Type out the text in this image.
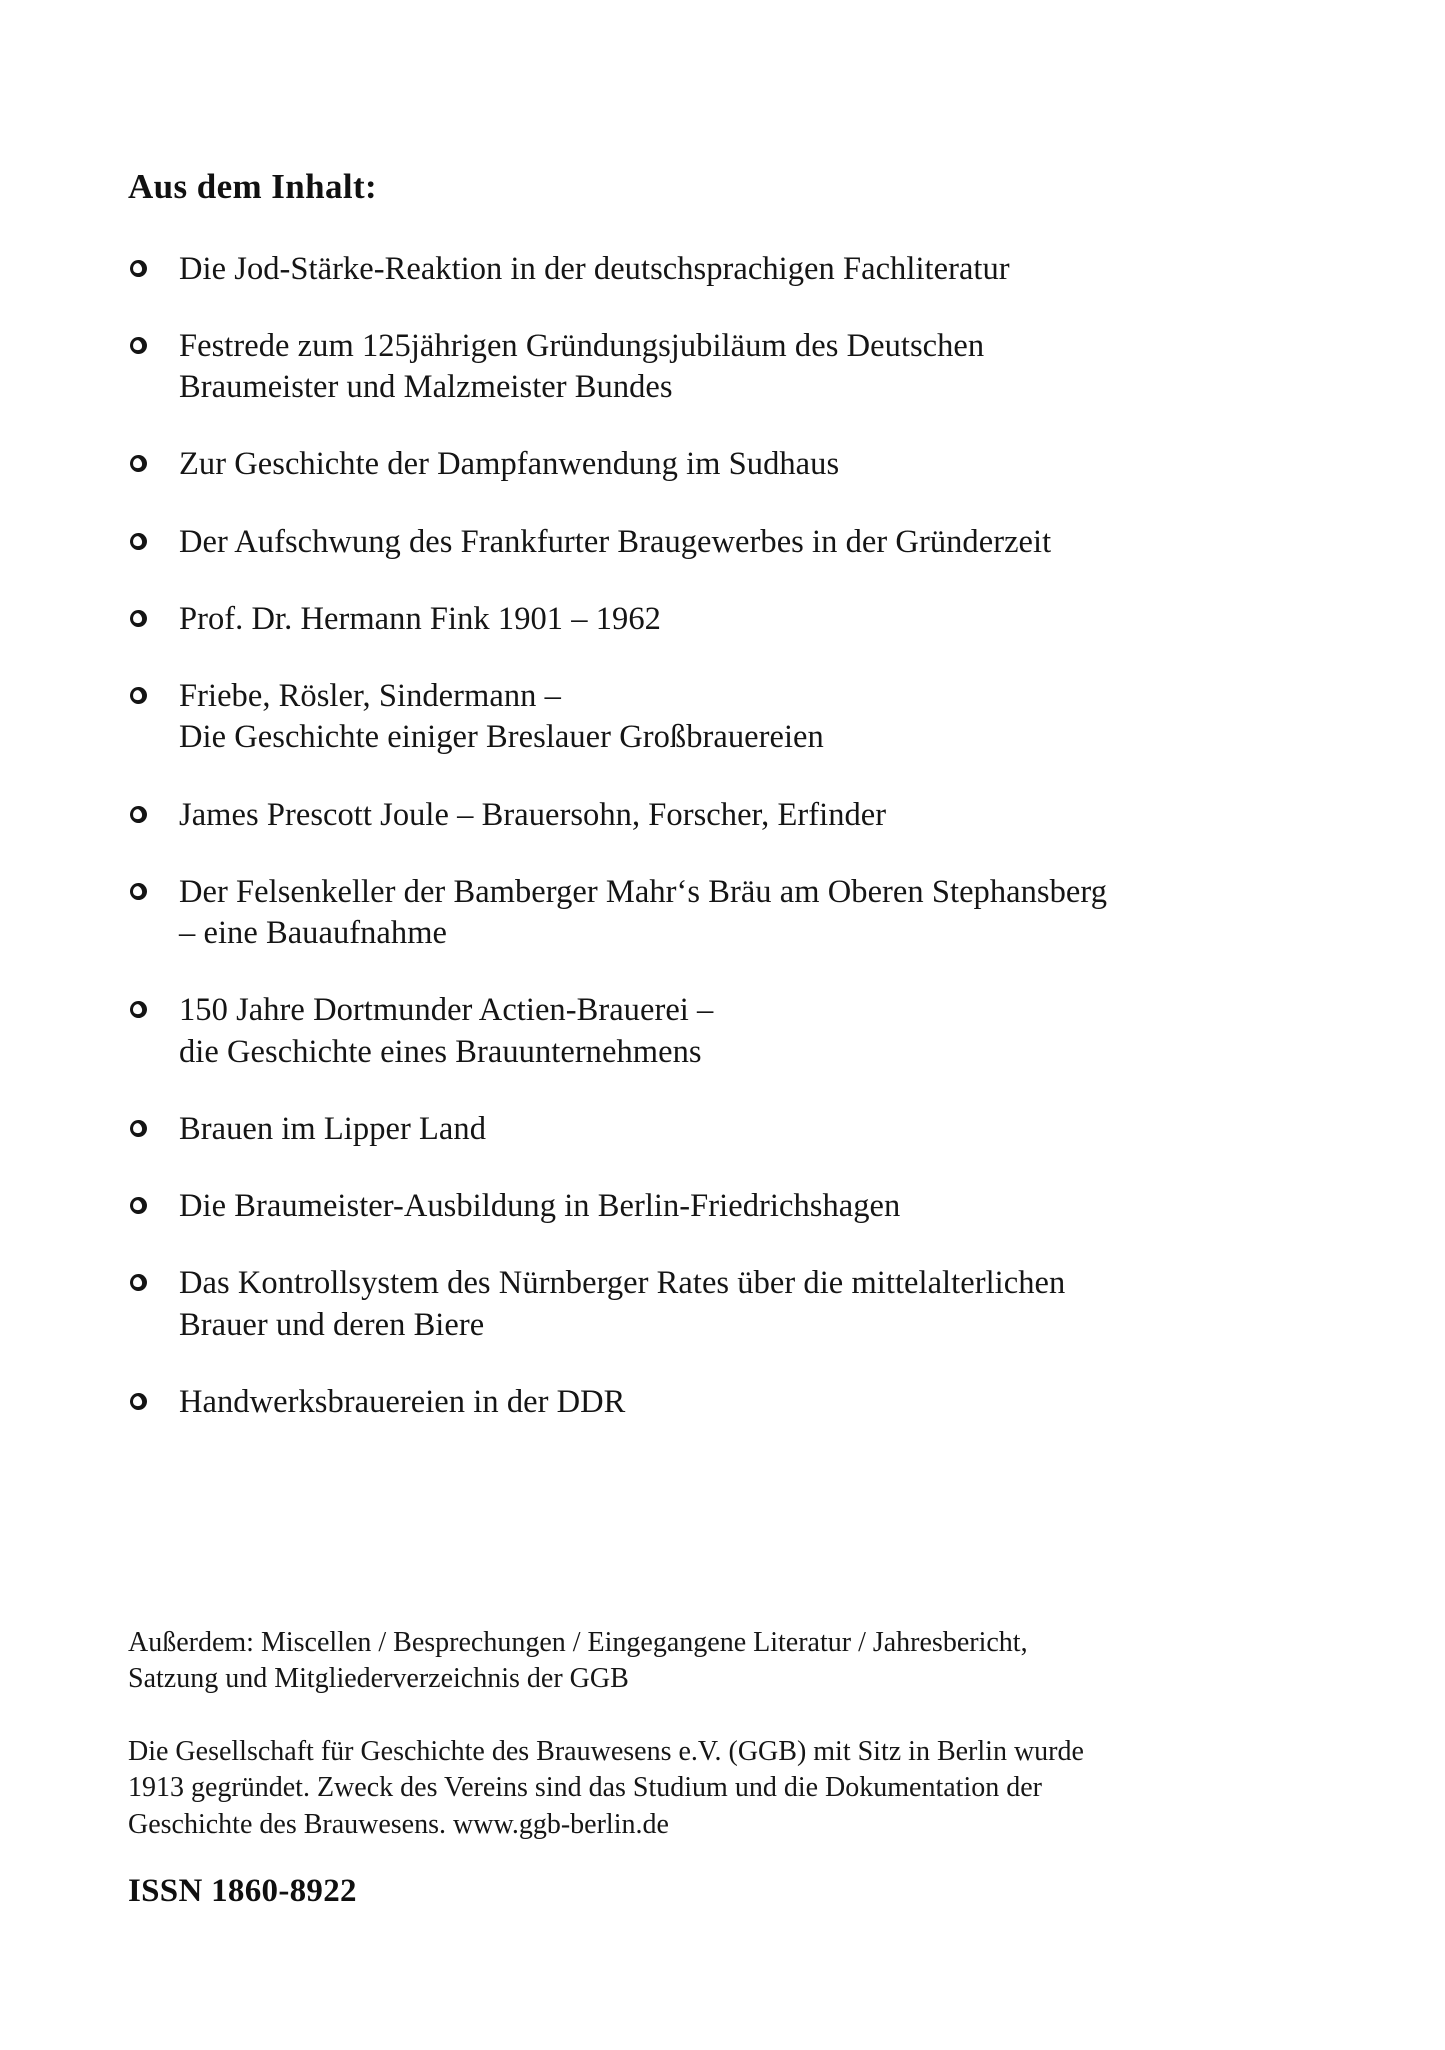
Aus dem Inhalt:
Die Jod-Stärke-Reaktion in der deutschsprachigen Fachliteratur
Festrede zum 125jährigen Gründungsjubiläum des Deutschen
Braumeister und Malzmeister Bundes
Zur Geschichte der Dampfanwendung im Sudhaus
Der Aufschwung des Frankfurter Braugewerbes in der Gründerzeit
Prof. Dr. Hermann Fink 1901 – 1962
Friebe, Rösler, Sindermann –
Die Geschichte einiger Breslauer Großbrauereien
James Prescott Joule – Brauersohn, Forscher, Erfinder
Der Felsenkeller der Bamberger Mahr‘s Bräu am Oberen Stephansberg
– eine Bauaufnahme
150 Jahre Dortmunder Actien-Brauerei –
die Geschichte eines Brauunternehmens
Brauen im Lipper Land
Die Braumeister-Ausbildung in Berlin-Friedrichshagen
Das Kontrollsystem des Nürnberger Rates über die mittelalterlichen
Brauer und deren Biere
Handwerksbrauereien in der DDR

Außerdem: Miscellen / Besprechungen / Eingegangene Literatur / Jahresbericht,
Satzung und Mitgliederverzeichnis der GGB

Die Gesellschaft für Geschichte des Brauwesens e.V. (GGB) mit Sitz in Berlin wurde
1913 gegründet. Zweck des Vereins sind das Studium und die Dokumentation der
Geschichte des Brauwesens. www.ggb-berlin.de

ISSN 1860-8922
